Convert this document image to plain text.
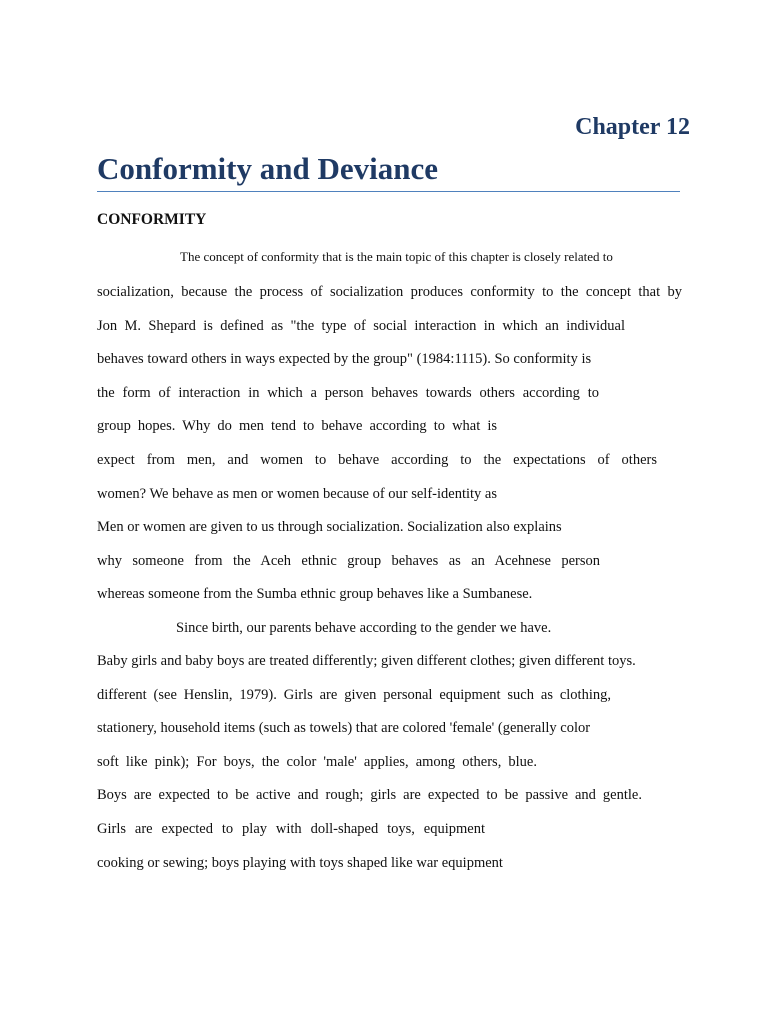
Chapter 12
Conformity and Deviance
CONFORMITY
The concept of conformity that is the main topic of this chapter is closely related to
socialization, because the process of socialization produces conformity to the concept that by
Jon M. Shepard is defined as "the type of social interaction in which an individual
behaves toward others in ways expected by the group" (1984:1115). So conformity is
the form of interaction in which a person behaves towards others according to
group hopes. Why do men tend to behave according to what is
expect from men, and women to behave according to the expectations of others
women? We behave as men or women because of our self-identity as
Men or women are given to us through socialization. Socialization also explains
why someone from the Aceh ethnic group behaves as an Acehnese person
whereas someone from the Sumba ethnic group behaves like a Sumbanese.
Since birth, our parents behave according to the gender we have.
Baby girls and baby boys are treated differently; given different clothes; given different toys.
different (see Henslin, 1979). Girls are given personal equipment such as clothing,
stationery, household items (such as towels) that are colored 'female' (generally color
soft like pink); For boys, the color 'male' applies, among others, blue.
Boys are expected to be active and rough; girls are expected to be passive and gentle.
Girls are expected to play with doll-shaped toys, equipment
cooking or sewing; boys playing with toys shaped like war equipment
